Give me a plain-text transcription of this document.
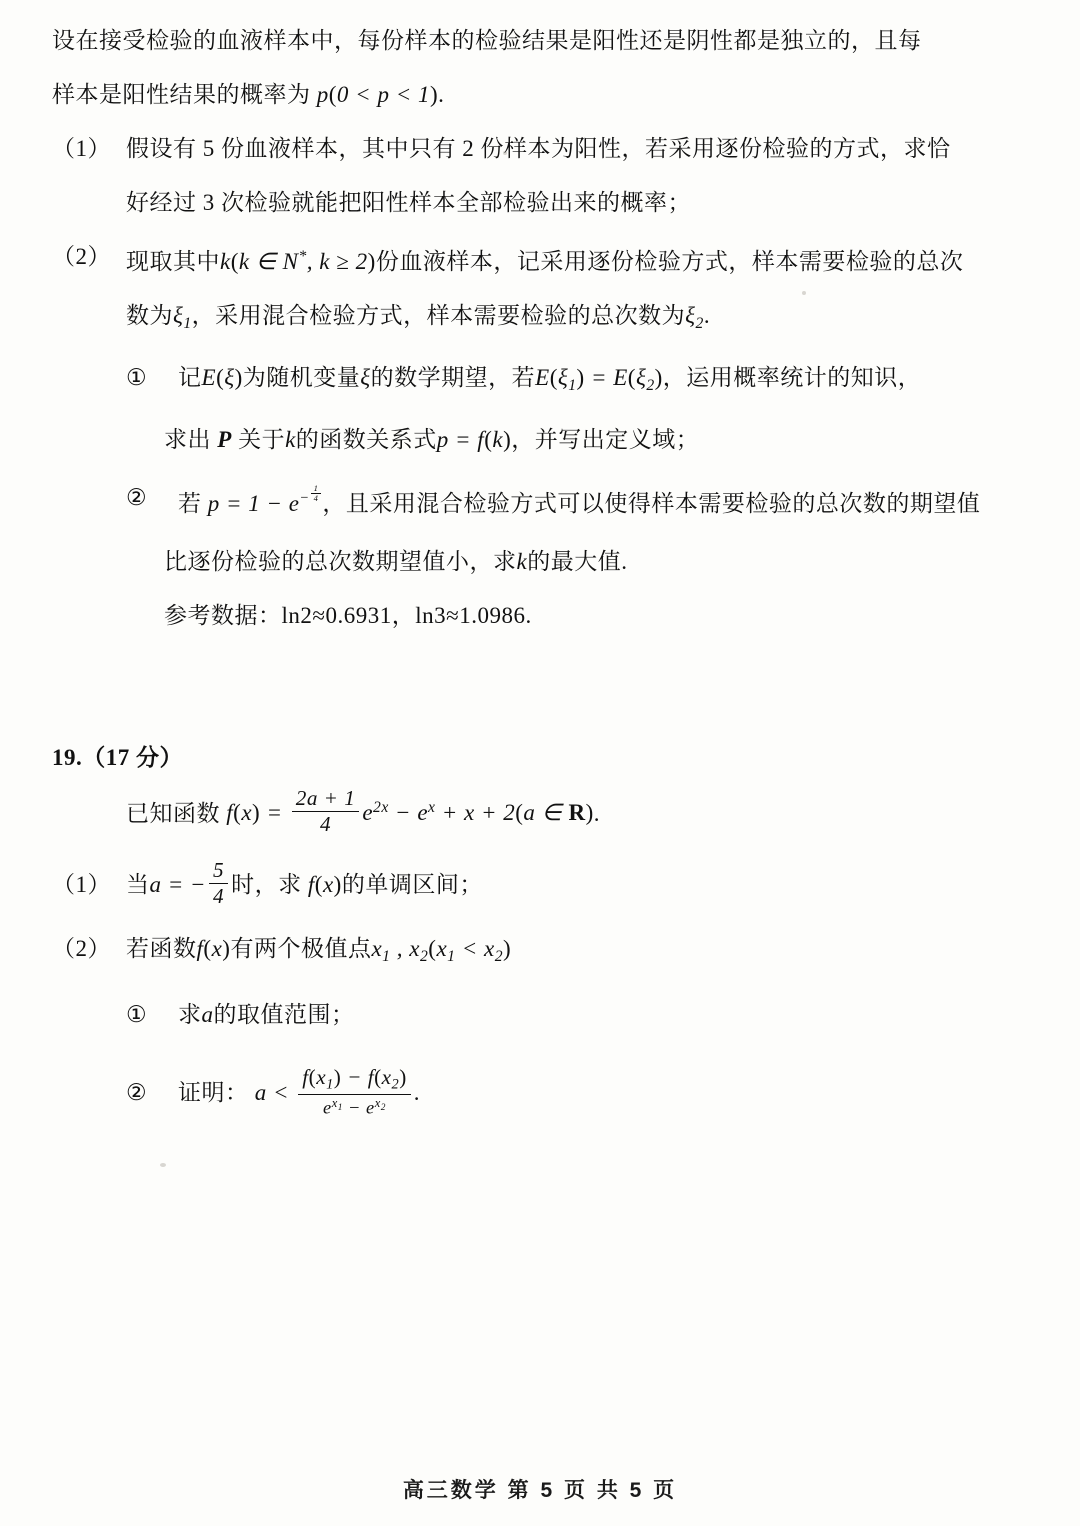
设在接受检验的血液样本中，每份样本的检验结果是阳性还是阴性都是独立的，且每
样本是阳性结果的概率为 p(0 < p < 1).
（1） 假设有 5 份血液样本，其中只有 2 份样本为阳性，若采用逐份检验的方式，求恰
好经过 3 次检验就能把阳性样本全部检验出来的概率；
（2） 现取其中k(k ∈ N*, k ≥ 2)份血液样本，记采用逐份检验方式，样本需要检验的总次
数为$\xi_1$，采用混合检验方式，样本需要检验的总次数为$\xi_2$.
①	记E(ξ)为随机变量ξ的数学期望，若$E(\xi_1) = E(\xi_2)$，运用概率统计的知识，
求出 P 关于k的函数关系式p = f(k)，并写出定义域；
②	若 $p = 1 - e^{- \frac{1}{4}}$ ，且采用混合检验方式可以使得样本需要检验的总次数的期望值
比逐份检验的总次数期望值小，求k的最大值.
参考数据：ln2≈0.6931，ln3≈1.0986.
19.（17 分）
已知函数 $f(x) = \frac{2a + 1}{4} e^{2x} - e^x + x + 2(a$ ∈ R).
（1） 当a = − $\frac{5}{4}$ 时，求 f(x)的单调区间；
（2） 若函数f(x)有两个极值点$x_1$ , $x_2(x_1 < x_2)$
①	求a的取值范围；
②	证明： $a < \frac{f(x_1) - f(x_2)}{e^{x_1} - e^{x_2}}$ .
高三数学 第 5 页 共 5 页
